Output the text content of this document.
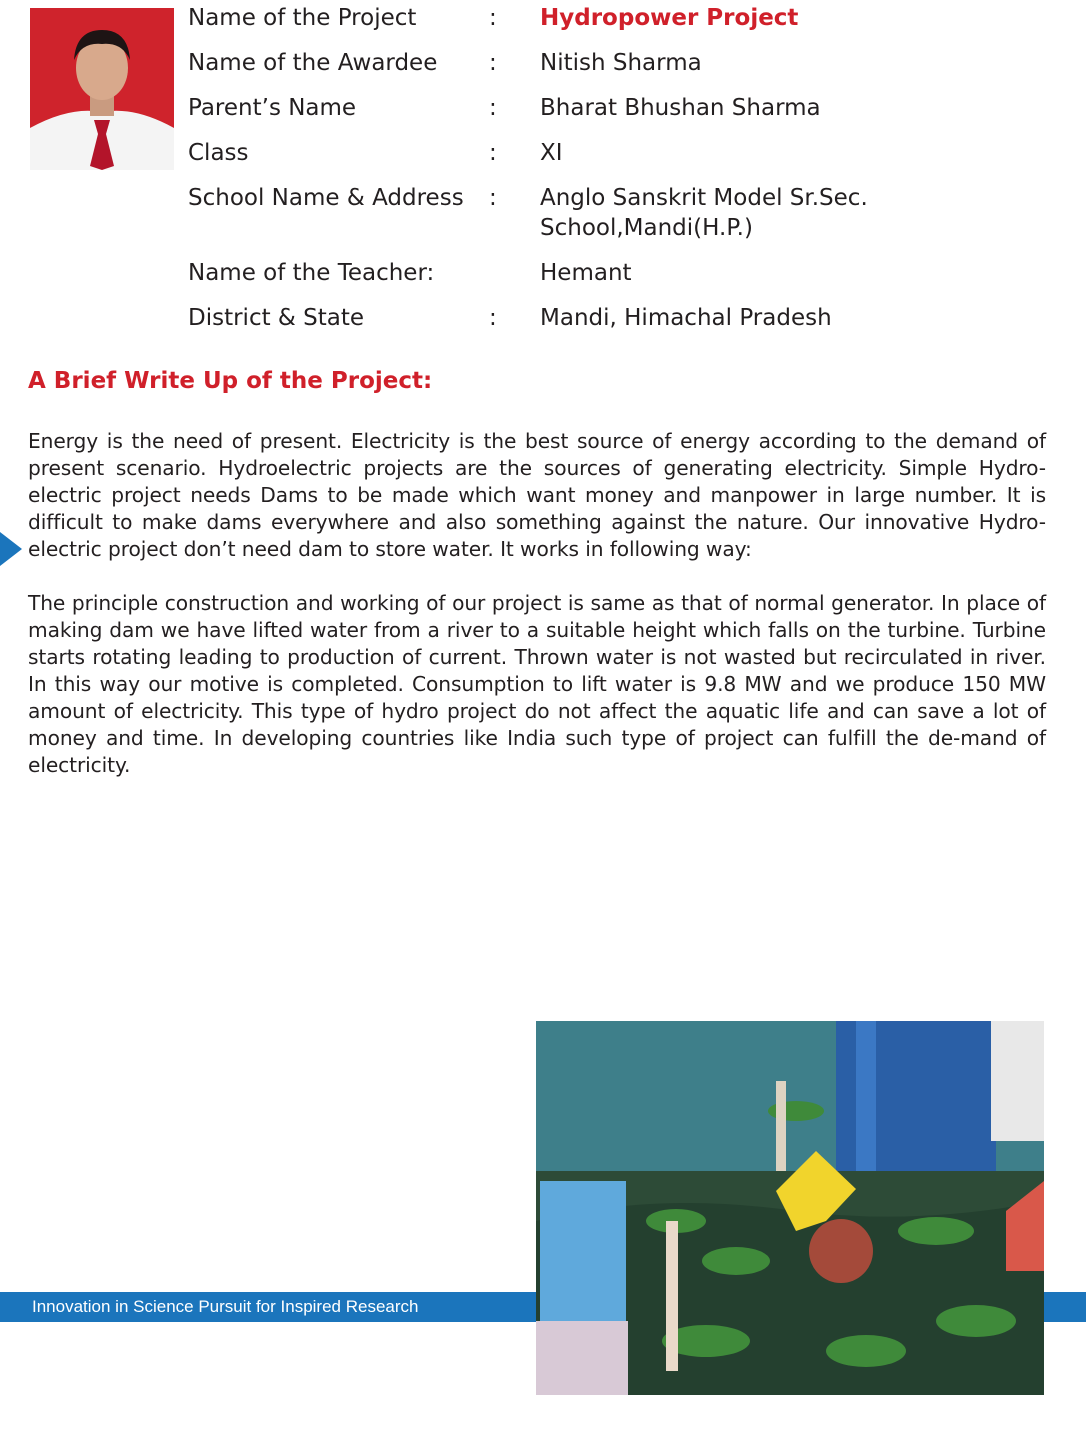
Name of the Project	: Hydropower Project
Name of the Awardee	: Nitish Sharma
Parent’s Name	: Bharat Bhushan Sharma
Class	: XI
School Name & Address	: Anglo Sanskrit Model Sr.Sec.
School,Mandi(H.P.)
Name of the Teacher:	Hemant
District & State	: Mandi, Himachal Pradesh
A Brief Write Up of the Project:

Energy is the need of present. Electricity is the best source of energy according to the demand of present scenario. Hydroelectric projects are the sources of generating electricity. Simple Hydro-electric project needs Dams to be made which want money and manpower in large number. It is difficult to make dams everywhere and also something against the nature. Our innovative Hydro-electric project don’t need dam to store water. It works in following way:

The principle construction and working of our project is same as that of normal generator. In place of making dam we have lifted water from a river to a suitable height which falls on the turbine. Turbine starts rotating leading to production of current. Thrown water is not wasted but recirculated in river. In this way our motive is completed. Consumption to lift water is 9.8 MW and we produce 150 MW amount of electricity. This type of hydro project do not affect the aquatic life and can save a lot of money and time. In developing countries like India such type of project can fulfill the de-mand of electricity.

Innovation in Science Pursuit for Inspired Research
